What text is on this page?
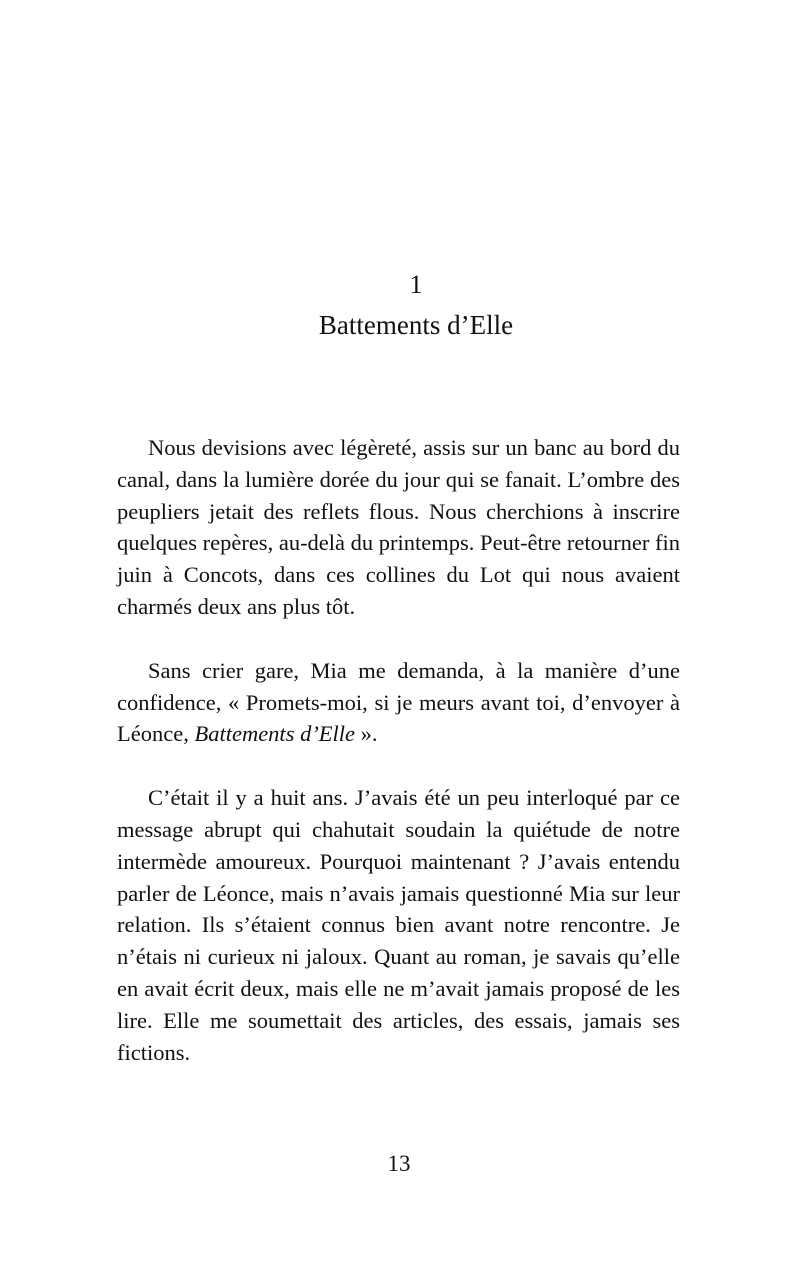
1
Battements d’Elle

Nous devisions avec légèreté, assis sur un banc au bord du canal, dans la lumière dorée du jour qui se fanait. L’ombre des peupliers jetait des reflets flous. Nous cherchions à inscrire quelques repères, au-delà du printemps. Peut-être retourner fin juin à Concots, dans ces collines du Lot qui nous avaient charmés deux ans plus tôt.

Sans crier gare, Mia me demanda, à la manière d’une confidence, « Promets-moi, si je meurs avant toi, d’envoyer à Léonce, Battements d’Elle ».

C’était il y a huit ans. J’avais été un peu interloqué par ce message abrupt qui chahutait soudain la quiétude de notre intermède amoureux. Pourquoi maintenant ? J’avais entendu parler de Léonce, mais n’avais jamais questionné Mia sur leur relation. Ils s’étaient connus bien avant notre rencontre. Je n’étais ni curieux ni jaloux. Quant au roman, je savais qu’elle en avait écrit deux, mais elle ne m’avait jamais proposé de les lire. Elle me soumettait des articles, des essais, jamais ses fictions.

13
